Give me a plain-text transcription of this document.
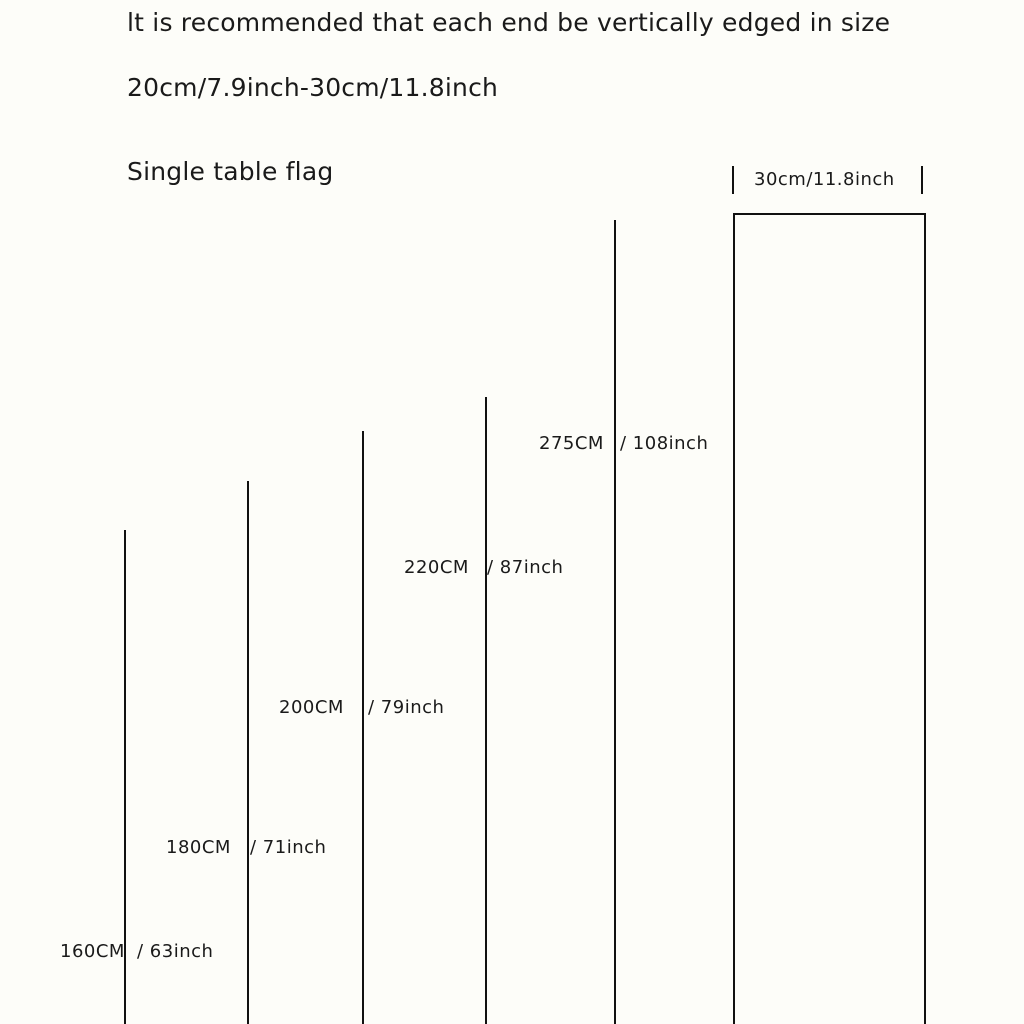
lt is recommended that each end be vertically edged in size
20cm/7.9inch-30cm/11.8inch
Single table flag	30cm/11.8inch
160CM / 63inch
180CM / 71inch
200CM / 79inch
220CM / 87inch
275CM / 108inch
